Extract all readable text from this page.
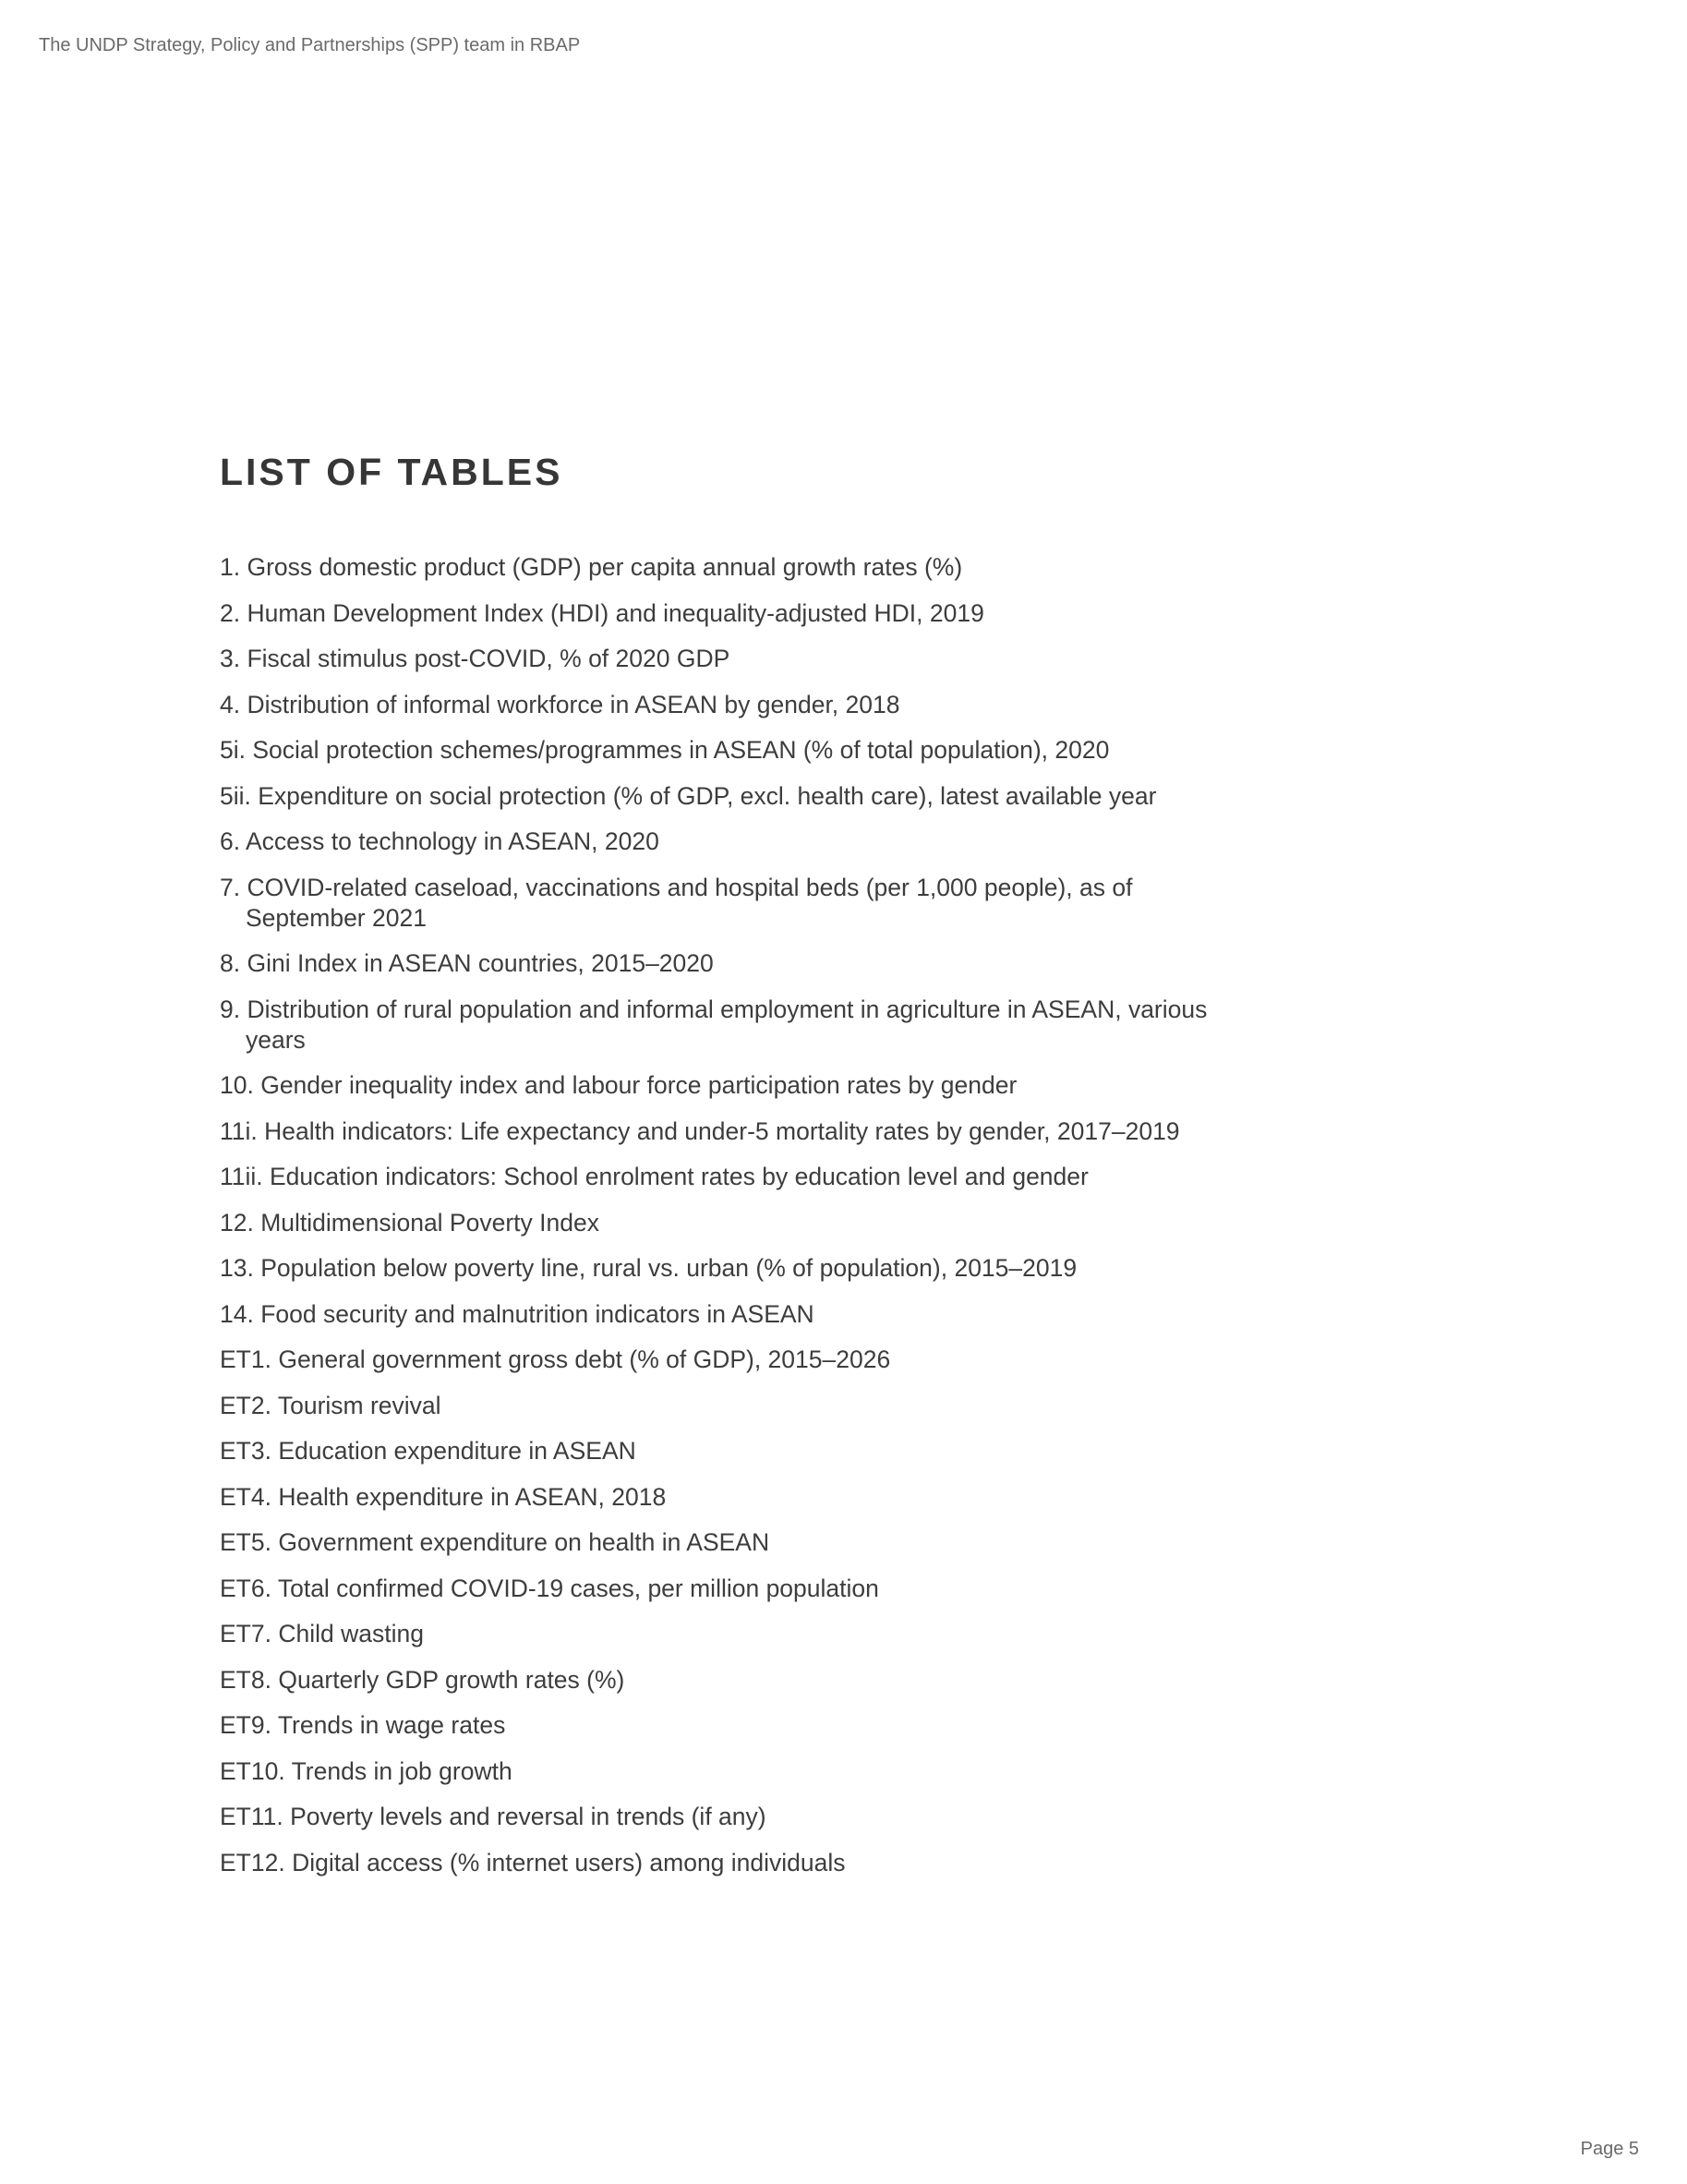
The UNDP Strategy, Policy and Partnerships (SPP) team in RBAP
LIST OF TABLES
1. Gross domestic product (GDP) per capita annual growth rates (%)
2. Human Development Index (HDI) and inequality-adjusted HDI, 2019
3. Fiscal stimulus post-COVID, % of 2020 GDP
4. Distribution of informal workforce in ASEAN by gender, 2018
5i. Social protection schemes/programmes in ASEAN (% of total population), 2020
5ii. Expenditure on social protection (% of GDP, excl. health care), latest available year
6. Access to technology in ASEAN, 2020
7. COVID-related caseload, vaccinations and hospital beds (per 1,000 people), as of September 2021
8. Gini Index in ASEAN countries, 2015–2020
9. Distribution of rural population and informal employment in agriculture in ASEAN, various years
10. Gender inequality index and labour force participation rates by gender
11i. Health indicators: Life expectancy and under-5 mortality rates by gender, 2017–2019
11ii. Education indicators: School enrolment rates by education level and gender
12. Multidimensional Poverty Index
13. Population below poverty line, rural vs. urban (% of population), 2015–2019
14. Food security and malnutrition indicators in ASEAN
ET1. General government gross debt (% of GDP), 2015–2026
ET2. Tourism revival
ET3. Education expenditure in ASEAN
ET4. Health expenditure in ASEAN, 2018
ET5. Government expenditure on health in ASEAN
ET6. Total confirmed COVID-19 cases, per million population
ET7. Child wasting
ET8. Quarterly GDP growth rates (%)
ET9. Trends in wage rates
ET10. Trends in job growth
ET11. Poverty levels and reversal in trends (if any)
ET12. Digital access (% internet users) among individuals
Page 5
